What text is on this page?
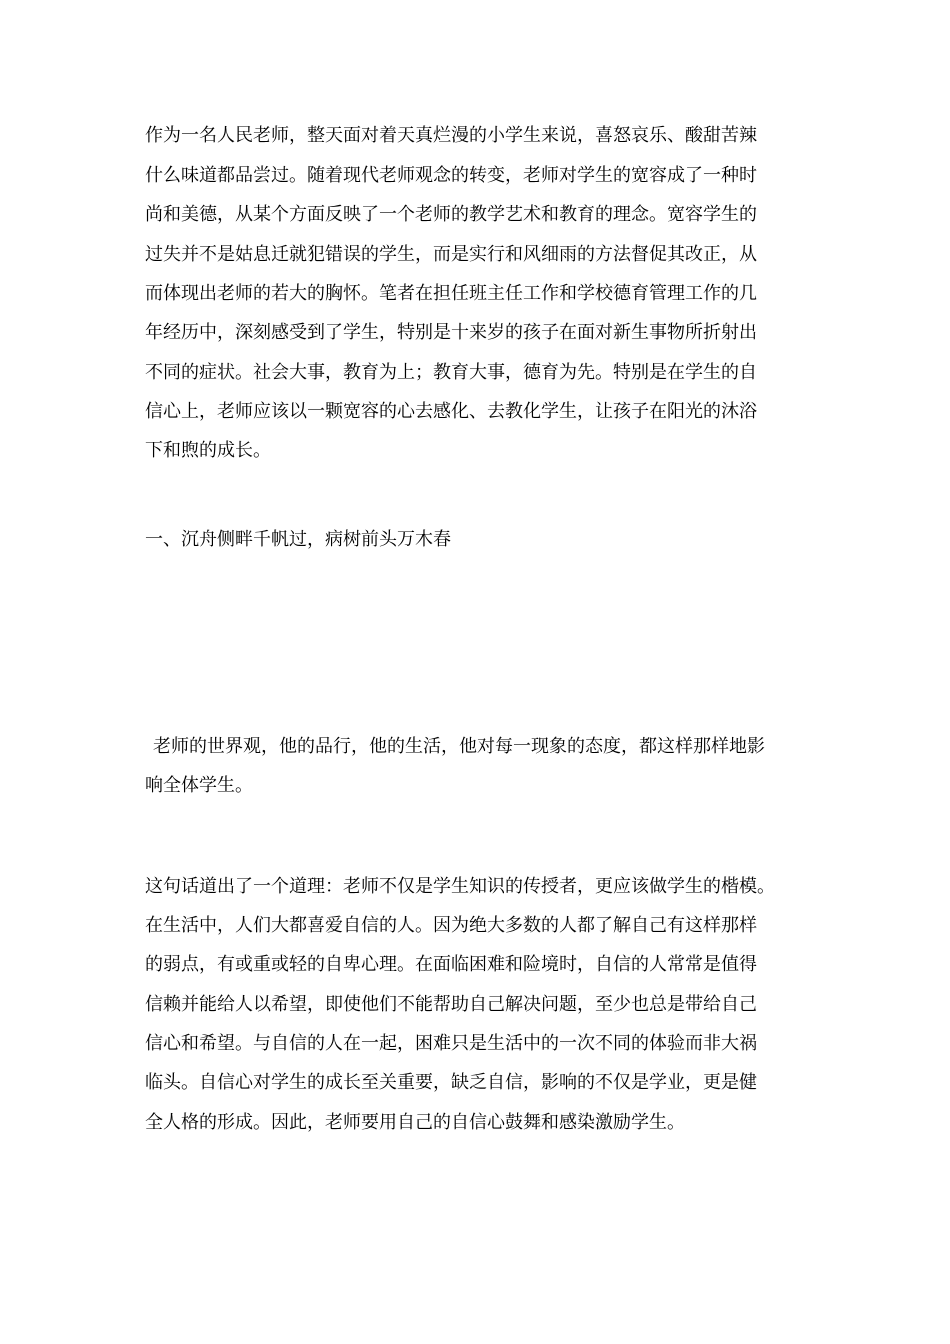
作为一名人民老师，整天面对着天真烂漫的小学生来说，喜怒哀乐、酸甜苦辣

什么味道都品尝过。随着现代老师观念的转变，老师对学生的宽容成了一种时

尚和美德，从某个方面反映了一个老师的教学艺术和教育的理念。宽容学生的

过失并不是姑息迁就犯错误的学生，而是实行和风细雨的方法督促其改正，从

而体现出老师的若大的胸怀。笔者在担任班主任工作和学校德育管理工作的几

年经历中，深刻感受到了学生，特别是十来岁的孩子在面对新生事物所折射出

不同的症状。社会大事，教育为上；教育大事，德育为先。特别是在学生的自

信心上，老师应该以一颗宽容的心去感化、去教化学生，让孩子在阳光的沐浴

下和煦的成长。

一、沉舟侧畔千帆过，病树前头万木春

老师的世界观，他的品行，他的生活，他对每一现象的态度，都这样那样地影

响全体学生。

这句话道出了一个道理：老师不仅是学生知识的传授者，更应该做学生的楷模。

在生活中，人们大都喜爱自信的人。因为绝大多数的人都了解自己有这样那样

的弱点，有或重或轻的自卑心理。在面临困难和险境时，自信的人常常是值得

信赖并能给人以希望，即使他们不能帮助自己解决问题，至少也总是带给自己

信心和希望。与自信的人在一起，困难只是生活中的一次不同的体验而非大祸

临头。自信心对学生的成长至关重要，缺乏自信，影响的不仅是学业，更是健

全人格的形成。因此，老师要用自己的自信心鼓舞和感染激励学生。
